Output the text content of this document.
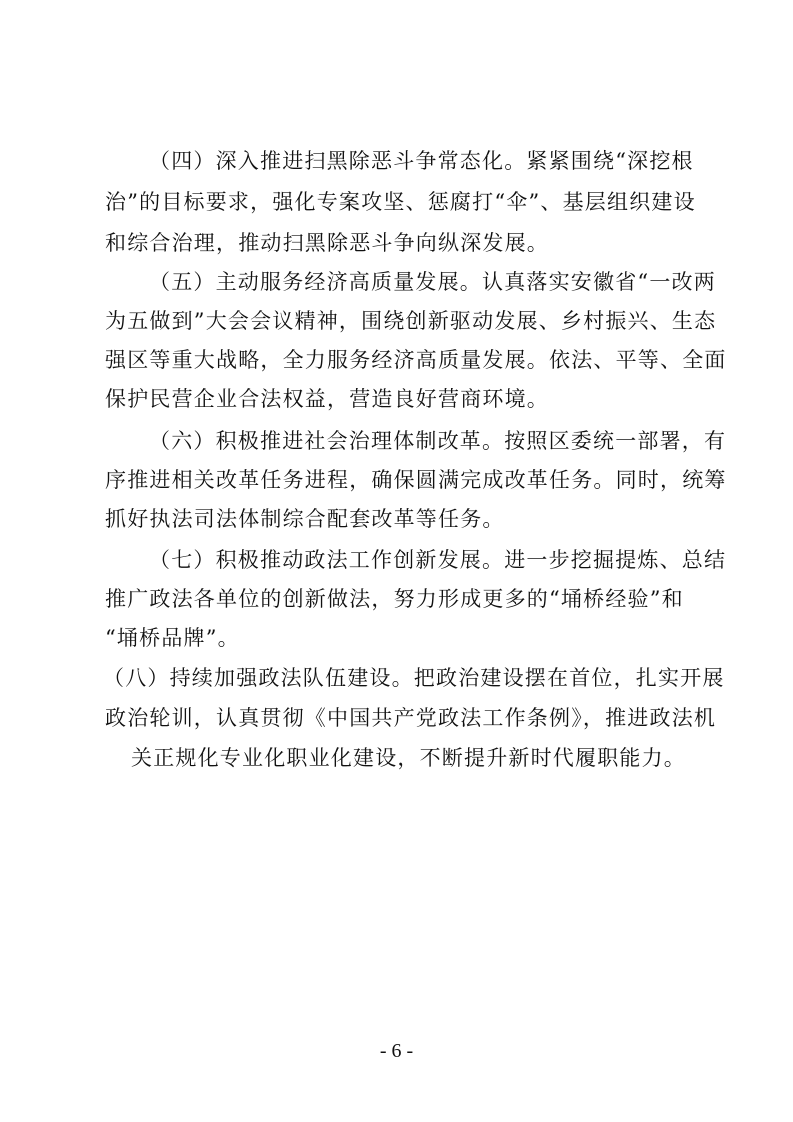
（四）深入推进扫黑除恶斗争常态化。紧紧围绕“深挖根
治”的目标要求，强化专案攻坚、惩腐打“伞”、基层组织建设
和综合治理，推动扫黑除恶斗争向纵深发展。
（五）主动服务经济高质量发展。认真落实安徽省“一改两
为五做到”大会会议精神，围绕创新驱动发展、乡村振兴、生态
强区等重大战略，全力服务经济高质量发展。依法、平等、全面
保护民营企业合法权益，营造良好营商环境。
（六）积极推进社会治理体制改革。按照区委统一部署，有
序推进相关改革任务进程，确保圆满完成改革任务。同时，统筹
抓好执法司法体制综合配套改革等任务。
（七）积极推动政法工作创新发展。进一步挖掘提炼、总结
推广政法各单位的创新做法，努力形成更多的“埇桥经验”和
“埇桥品牌”。
（八）持续加强政法队伍建设。把政治建设摆在首位，扎实开展
政治轮训，认真贯彻《中国共产党政法工作条例》，推进政法机
关正规化专业化职业化建设，不断提升新时代履职能力。
- 6 -
